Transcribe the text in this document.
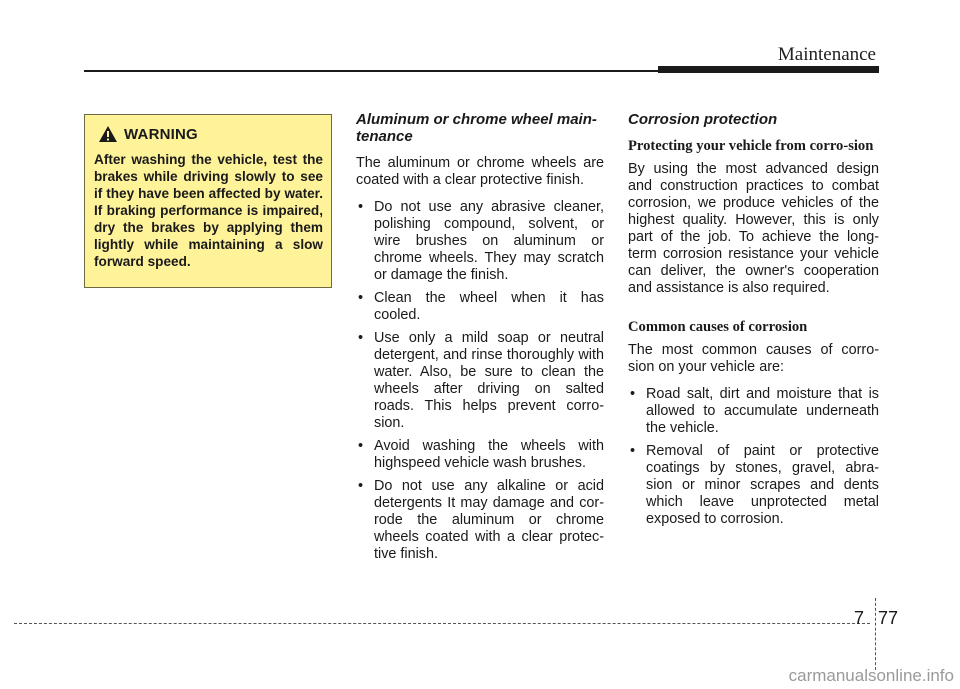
Maintenance
WARNING

After washing the vehicle, test the brakes while driving slowly to see if they have been affected by water. If braking performance is impaired, dry the brakes by applying them lightly while maintaining a slow forward speed.

Aluminum or chrome wheel main-tenance

The aluminum or chrome wheels are coated with a clear protective finish.

• Do not use any abrasive cleaner, polishing compound, solvent, or wire brushes on aluminum or chrome wheels. They may scratch or damage the finish.
• Clean the wheel when it has cooled.
• Use only a mild soap or neutral detergent, and rinse thoroughly with water. Also, be sure to clean the wheels after driving on salted roads. This helps prevent corro-sion.
• Avoid washing the wheels with highspeed vehicle wash brushes.
• Do not use any alkaline or acid detergents It may damage and cor-rode the aluminum or chrome wheels coated with a clear protec-tive finish.
Corrosion protection
Protecting your vehicle from corro-sion

By using the most advanced design and construction practices to combat corrosion, we produce vehicles of the highest quality. However, this is only part of the job. To achieve the long-term corrosion resistance your vehicle can deliver, the owner's cooperation and assistance is also required.

Common causes of corrosion

The most common causes of corro-sion on your vehicle are:

• Road salt, dirt and moisture that is allowed to accumulate underneath the vehicle.
• Removal of paint or protective coatings by stones, gravel, abra-sion or minor scrapes and dents which leave unprotected metal exposed to corrosion.
7 77
carmanualsonline.info
